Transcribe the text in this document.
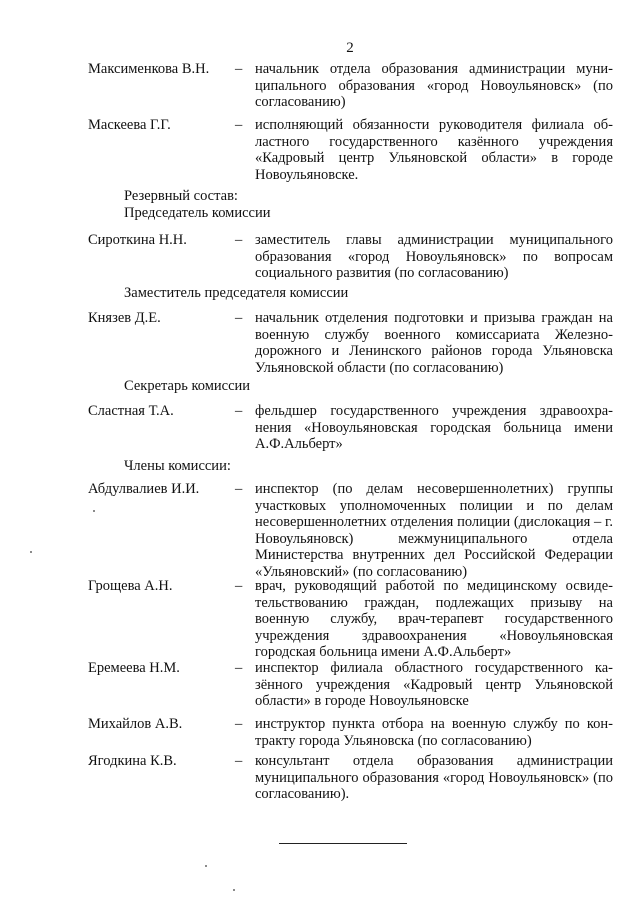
2
Максименкова В.Н. – начальник отдела образования администрации муниципального образования «город Новоульяновск» (по согласованию)
Маскеева Г.Г.	– исполняющий обязанности руководителя филиала областного государственного казённого учреждения «Кадровый центр Ульяновской области» в городе Новоульяновске.
Резервный состав:
Председатель комиссии
Сироткина Н.Н.	– заместитель главы администрации муниципального образования «город Новоульяновск» по вопросам социального развития (по согласованию)
Заместитель председателя комиссии
Князев Д.Е.	– начальник отделения подготовки и призыва граждан на военную службу военного комиссариата Железнодорожного и Ленинского районов города Ульяновска Ульяновской области (по согласованию)
Секретарь комиссии
Сластная Т.А.	– фельдшер государственного учреждения здравоохранения «Новоульяновская городская больница имени А.Ф.Альберт»
Члены комиссии:
Абдулвалиев И.И. – инспектор (по делам несовершеннолетних) группы участковых уполномоченных полиции и по делам несовершеннолетних отделения полиции (дислокация – г. Новоульяновск) межмуниципального отдела Министерства внутренних дел Российской Федерации «Ульяновский» (по согласованию)
Грощева А.Н.	– врач, руководящий работой по медицинскому освидетельствованию граждан, подлежащих призыву на военную службу, врач-терапевт государственного учреждения здравоохранения «Новоульяновская городская больница имени А.Ф.Альберт»
Еремеева Н.М.	– инспектор филиала областного государственного казённого учреждения «Кадровый центр Ульяновской области» в городе Новоульяновске
Михайлов А.В.	– инструктор пункта отбора на военную службу по контракту города Ульяновска (по согласованию)
Ягодкина К.В.	– консультант отдела образования администрации муниципального образования «город Новоульяновск» (по согласованию).
